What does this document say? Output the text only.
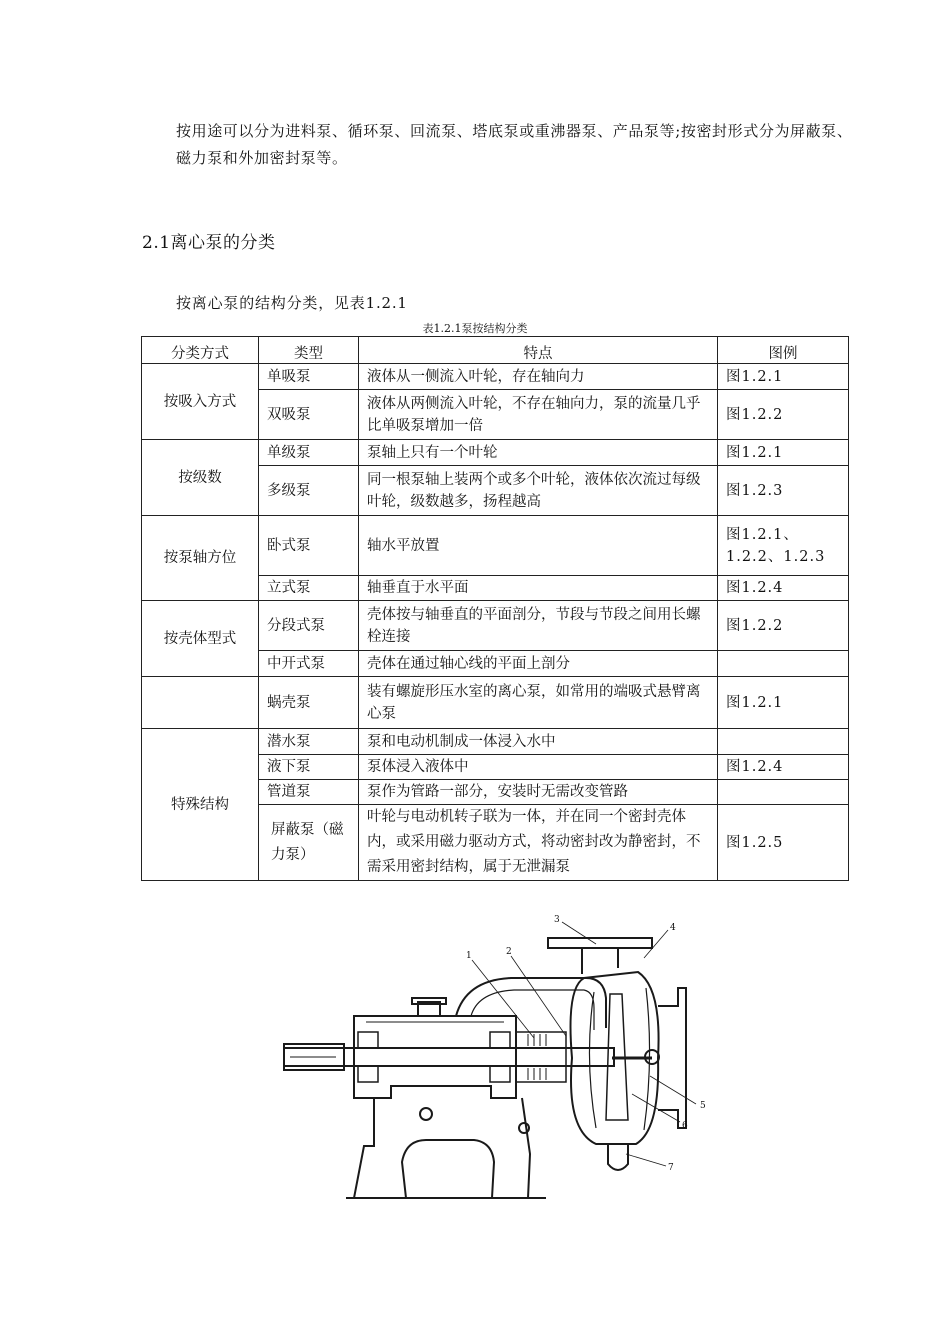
按用途可以分为进料泵、循环泵、回流泵、塔底泵或重沸器泵、产品泵等;按密封形式分为屏蔽泵、磁力泵和外加密封泵等。
2.1离心泵的分类
按离心泵的结构分类，见表1.2.1
表1.2.1泵按结构分类
分类方式	类型	特点	图例
按吸入方式	单吸泵	液体从一侧流入叶轮，存在轴向力	图1.2.1
	双吸泵	液体从两侧流入叶轮，不存在轴向力，泵的流量几乎比单吸泵增加一倍	图1.2.2
按级数	单级泵	泵轴上只有一个叶轮	图1.2.1
	多级泵	同一根泵轴上装两个或多个叶轮，液体依次流过每级叶轮，级数越多，扬程越高	图1.2.3
按泵轴方位	卧式泵	轴水平放置	图1.2.1、1.2.2、1.2.3
	立式泵	轴垂直于水平面	图1.2.4
按壳体型式	分段式泵	壳体按与轴垂直的平面剖分，节段与节段之间用长螺栓连接	图1.2.2
	中开式泵	壳体在通过轴心线的平面上剖分	
	蜗壳泵	装有螺旋形压水室的离心泵，如常用的端吸式悬臂离心泵	图1.2.1
特殊结构	潜水泵	泵和电动机制成一体浸入水中	
	液下泵	泵体浸入液体中	图1.2.4
	管道泵	泵作为管路一部分，安装时无需改变管路	
	屏蔽泵（磁力泵）	叶轮与电动机转子联为一体，并在同一个密封壳体内，或采用磁力驱动方式，将动密封改为静密封，不需采用密封结构，属于无泄漏泵	图1.2.5
1	2
3
4
5
6
7
